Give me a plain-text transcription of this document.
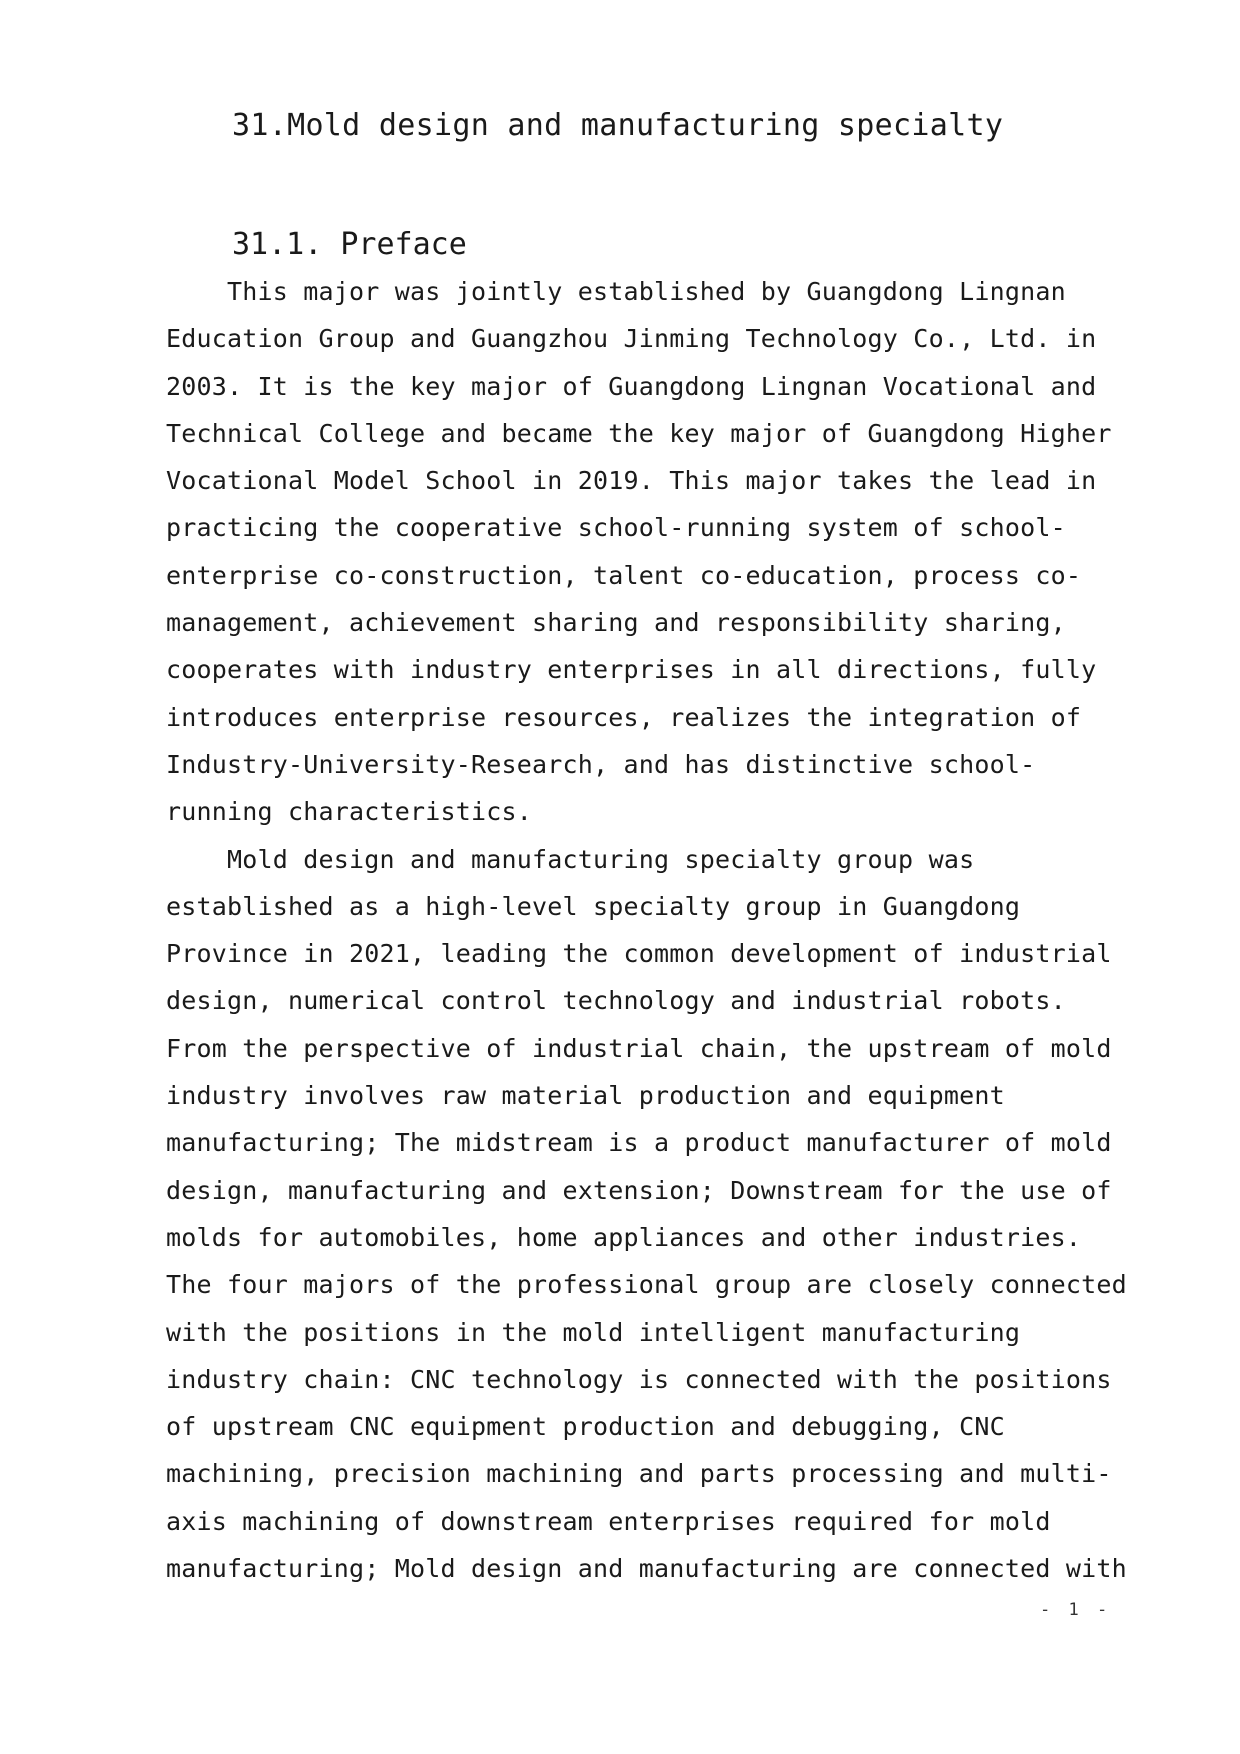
31.Mold design and manufacturing specialty
31.1. Preface
This major was jointly established by Guangdong Lingnan
Education Group and Guangzhou Jinming Technology Co., Ltd. in
2003. It is the key major of Guangdong Lingnan Vocational and
Technical College and became the key major of Guangdong Higher
Vocational Model School in 2019. This major takes the lead in
practicing the cooperative school-running system of school-
enterprise co-construction, talent co-education, process co-
management, achievement sharing and responsibility sharing,
cooperates with industry enterprises in all directions, fully
introduces enterprise resources, realizes the integration of
Industry-University-Research, and has distinctive school-
running characteristics.
Mold design and manufacturing specialty group was
established as a high-level specialty group in Guangdong
Province in 2021, leading the common development of industrial
design, numerical control technology and industrial robots.
From the perspective of industrial chain, the upstream of mold
industry involves raw material production and equipment
manufacturing; The midstream is a product manufacturer of mold
design, manufacturing and extension; Downstream for the use of
molds for automobiles, home appliances and other industries.
The four majors of the professional group are closely connected
with the positions in the mold intelligent manufacturing
industry chain: CNC technology is connected with the positions
of upstream CNC equipment production and debugging, CNC
machining, precision machining and parts processing and multi-
axis machining of downstream enterprises required for mold
manufacturing; Mold design and manufacturing are connected with
- 1 -
